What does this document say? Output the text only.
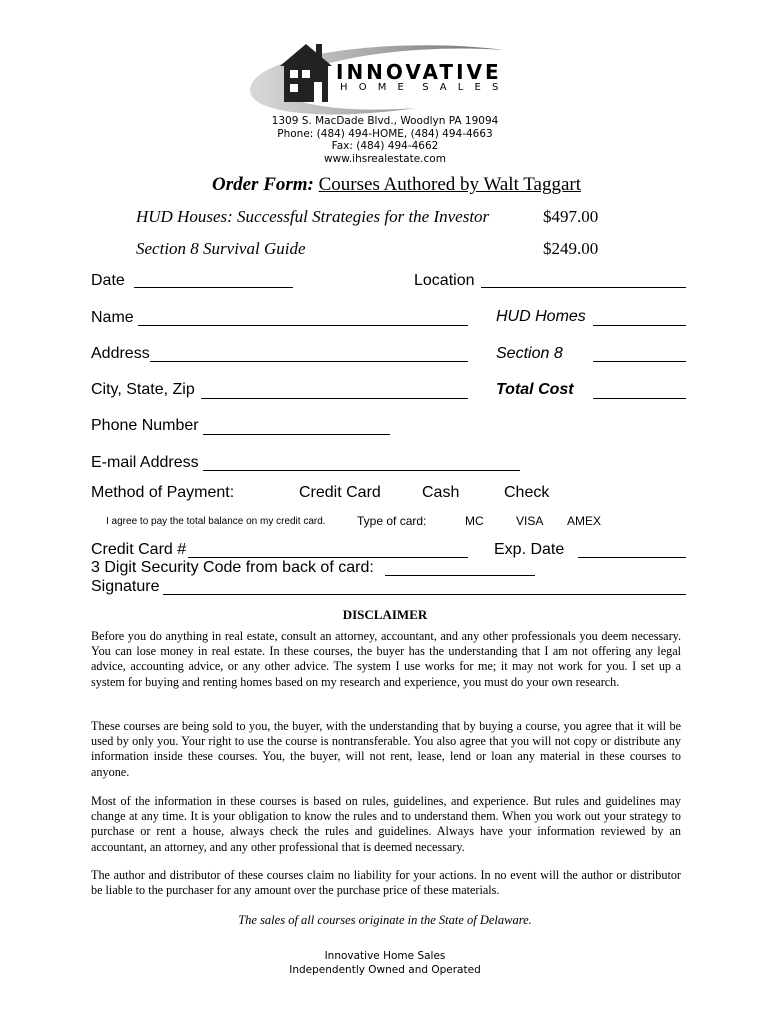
INNOVATIVE
H O M E  S A L E S
1309 S. MacDade Blvd., Woodlyn PA 19094
Phone: (484) 494-HOME, (484) 494-4663
Fax: (484) 494-4662
www.ihsrealestate.com
Order Form: Courses Authored by Walt Taggart
HUD Houses: Successful Strategies for the Investor	$497.00
Section 8 Survival Guide	$249.00
Date	Location
Name	HUD Homes
Address	Section 8
City, State, Zip	Total Cost
Phone Number
E-mail Address
Method of Payment:	Credit Card	Cash	Check
I agree to pay the total balance on my credit card.	Type of card:	MC	VISA AMEX
Credit Card #	Exp. Date
3 Digit Security Code from back of card:
Signature
DISCLAIMER
Before you do anything in real estate, consult an attorney, accountant, and any other professionals you deem necessary. You can lose money in real estate. In these courses, the buyer has the understanding that I am not offering any legal advice, accounting advice, or any other advice. The system I use works for me; it may not work for you. I set up a system for buying and renting homes based on my research and experience, you must do your own research.
These courses are being sold to you, the buyer, with the understanding that by buying a course, you agree that it will be used by only you. Your right to use the course is nontransferable. You also agree that you will not copy or distribute any information inside these courses. You, the buyer, will not rent, lease, lend or loan any material in these courses to anyone.
Most of the information in these courses is based on rules, guidelines, and experience. But rules and guidelines may change at any time. It is your obligation to know the rules and to understand them. When you work out your strategy to purchase or rent a house, always check the rules and guidelines. Always have your information reviewed by an accountant, an attorney, and any other professional that is deemed necessary.
The author and distributor of these courses claim no liability for your actions. In no event will the author or distributor be liable to the purchaser for any amount over the purchase price of these materials.
The sales of all courses originate in the State of Delaware.
Innovative Home Sales
Independently Owned and Operated
